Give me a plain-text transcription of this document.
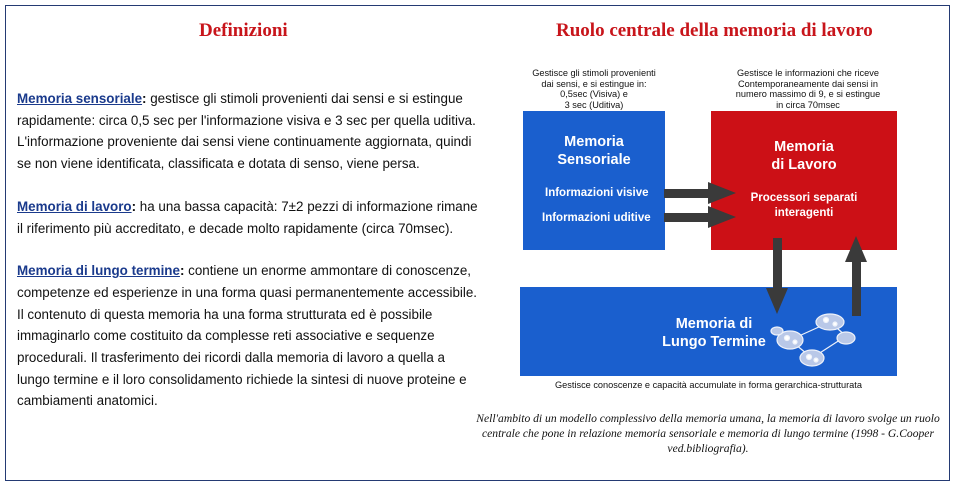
Definizioni

Memoria sensoriale: gestisce gli stimoli provenienti dai sensi e si estingue rapidamente: circa 0,5 sec per l'informazione visiva e 3 sec per quella uditiva. L'informazione proveniente dai sensi viene continuamente aggiornata, quindi se non viene identificata, classificata e dotata di senso, viene persa.

Memoria di lavoro: ha una bassa capacità: 7±2 pezzi di informazione rimane il riferimento più accreditato, e decade molto rapidamente (circa 70msec).

Memoria di lungo termine: contiene un enorme ammontare di conoscenze, competenze ed esperienze in una forma quasi permanentemente accessibile. Il contenuto di questa memoria ha una forma strutturata ed è possibile immaginarlo come costituito da complesse reti associative e sequenze procedurali. Il trasferimento dei ricordi dalla memoria di lavoro a quella a lungo termine e il loro consolidamento richiede la sintesi di nuove proteine e cambiamenti anatomici.

Ruolo centrale della memoria di lavoro
Gestisce gli stimoli provenienti
dai sensi, e si estingue in:
0,5sec (Visiva) e
3 sec (Uditiva)
Gestisce le informazioni che riceve
Contemporaneamente dai sensi in
numero massimo di 9, e si estingue
in circa 70msec
Memoria
Sensoriale
Informazioni visive
Informazioni uditive
Memoria
di Lavoro
Processori separati
interagenti
Memoria di
Lungo Termine
Gestisce conoscenze e capacità accumulate in forma gerarchica-strutturata
Nell'ambito di un modello complessivo della memoria umana, la memoria di lavoro svolge un ruolo centrale che pone in relazione memoria sensoriale e memoria di lungo termine (1998 - G.Cooper ved.bibliografia).
